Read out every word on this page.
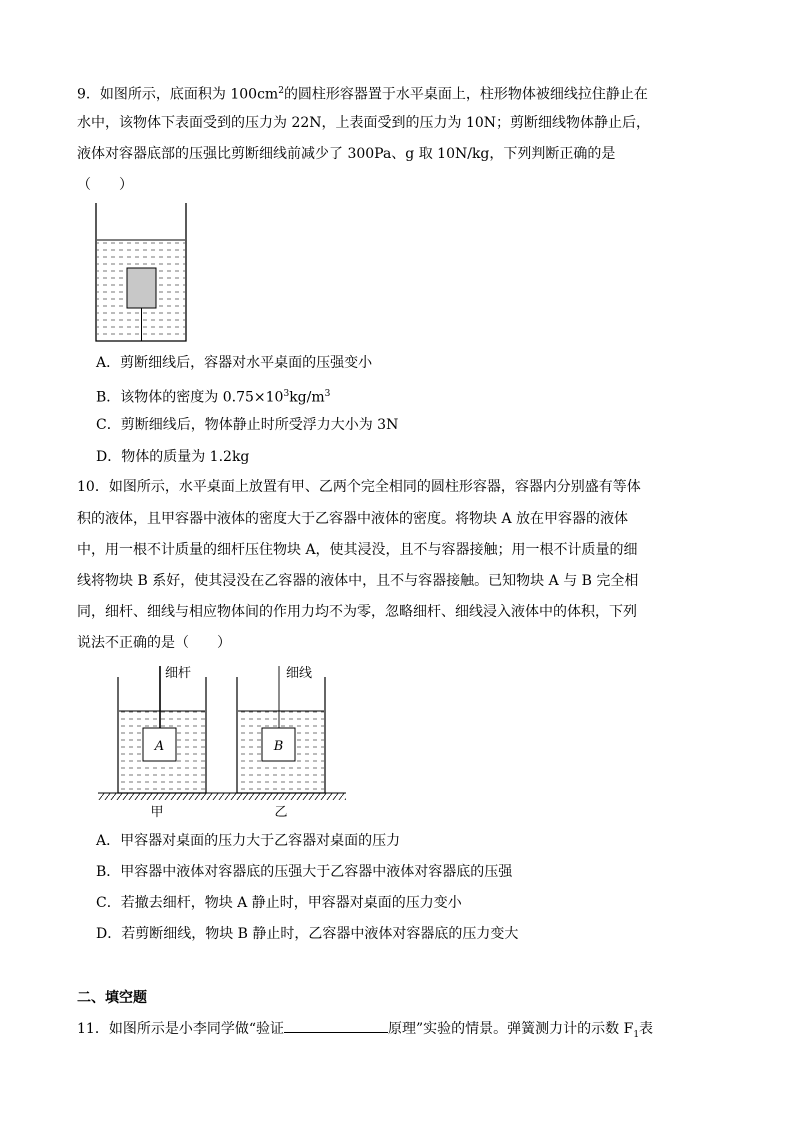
9．如图所示，底面积为 $100cm^2$的圆柱形容器置于水平桌面上，柱形物体被细线拉住静止在
水中，该物体下表面受到的压力为 22N，上表面受到的压力为 10N；剪断细线物体静止后，
液体对容器底部的压强比剪断细线前减少了 300Pa、g 取 10N/kg，下列判断正确的是
（　　）
A．剪断细线后，容器对水平桌面的压强变小
B．该物体的密度为 $0.75\times 10^3kg/m^3$
C．剪断细线后，物体静止时所受浮力大小为 3N
D．物体的质量为 1.2kg
10．如图所示，水平桌面上放置有甲、乙两个完全相同的圆柱形容器，容器内分别盛有等体
积的液体，且甲容器中液体的密度大于乙容器中液体的密度。将物块 A 放在甲容器的液体
中，用一根不计质量的细杆压住物块 A，使其浸没，且不与容器接触；用一根不计质量的细
线将物块 B 系好，使其浸没在乙容器的液体中，且不与容器接触。已知物块 A 与 B 完全相
同，细杆、细线与相应物体间的作用力均不为零，忽略细杆、细线浸入液体中的体积，下列
说法不正确的是（　　）
A
细杆
甲
B
细线
乙
A．甲容器对桌面的压力大于乙容器对桌面的压力
B．甲容器中液体对容器底的压强大于乙容器中液体对容器底的压强
C．若撤去细杆，物块 A 静止时，甲容器对桌面的压力变小
D．若剪断细线，物块 B 静止时，乙容器中液体对容器底的压力变大
二、填空题
11．如图所示是小李同学做“验证	原理”实验的情景。弹簧测力计的示数 $F_1$表
